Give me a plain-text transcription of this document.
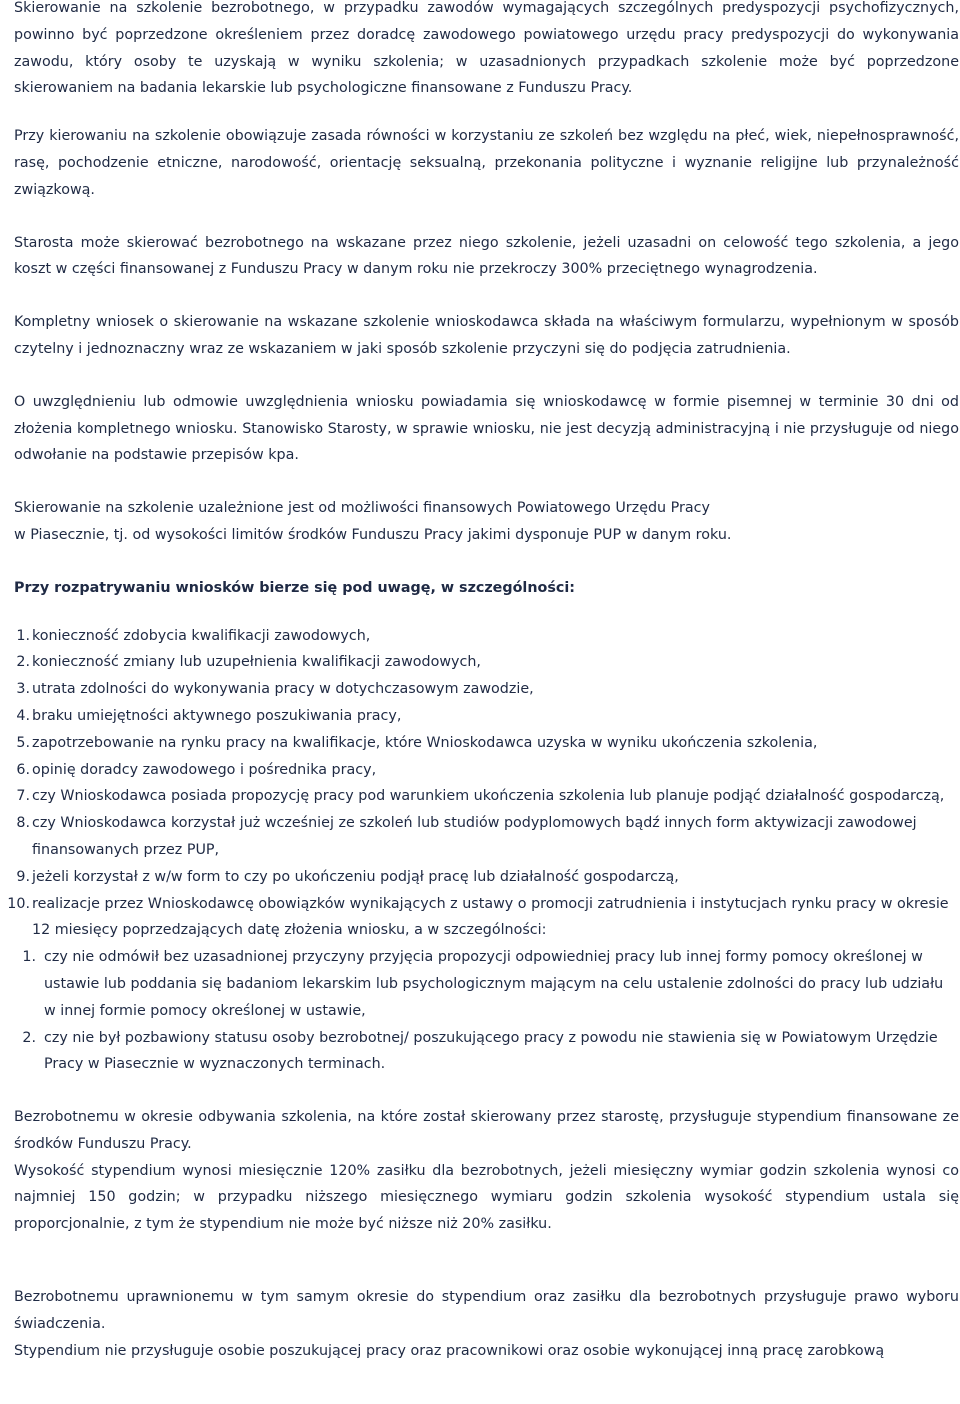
Skierowanie na szkolenie bezrobotnego, w przypadku zawodów wymagających szczególnych predyspozycji psychofizycznych, powinno być poprzedzone określeniem przez doradcę zawodowego powiatowego urzędu pracy predyspozycji do wykonywania zawodu, który osoby te uzyskają w wyniku szkolenia; w uzasadnionych przypadkach szkolenie może być poprzedzone skierowaniem na badania lekarskie lub psychologiczne finansowane z Funduszu Pracy.

Przy kierowaniu na szkolenie obowiązuje zasada równości w korzystaniu ze szkoleń bez względu na płeć, wiek, niepełnosprawność, rasę, pochodzenie etniczne, narodowość, orientację seksualną, przekonania polityczne i wyznanie religijne lub przynależność związkową.

Starosta może skierować bezrobotnego na wskazane przez niego szkolenie, jeżeli uzasadni on celowość tego szkolenia, a jego koszt w części finansowanej z Funduszu Pracy w danym roku nie przekroczy 300% przeciętnego wynagrodzenia.

Kompletny wniosek o skierowanie na wskazane szkolenie wnioskodawca składa na właściwym formularzu, wypełnionym w sposób czytelny i jednoznaczny wraz ze wskazaniem w jaki sposób szkolenie przyczyni się do podjęcia zatrudnienia.

O uwzględnieniu lub odmowie uwzględnienia wniosku powiadamia się wnioskodawcę w formie pisemnej w terminie 30 dni od złożenia kompletnego wniosku. Stanowisko Starosty, w sprawie wniosku, nie jest decyzją administracyjną i nie przysługuje od niego odwołanie na podstawie przepisów kpa.

Skierowanie na szkolenie uzależnione jest od możliwości finansowych Powiatowego Urzędu Pracy

w Piasecznie, tj. od wysokości limitów środków Funduszu Pracy jakimi dysponuje PUP w danym roku.

Przy rozpatrywaniu wniosków bierze się pod uwagę, w szczególności:

1. konieczność zdobycia kwalifikacji zawodowych,
2. konieczność zmiany lub uzupełnienia kwalifikacji zawodowych,
3. utrata zdolności do wykonywania pracy w dotychczasowym zawodzie,
4. braku umiejętności aktywnego poszukiwania pracy,
5. zapotrzebowanie na rynku pracy na kwalifikacje, które Wnioskodawca uzyska w wyniku ukończenia szkolenia,
6. opinię doradcy zawodowego i pośrednika pracy,
7. czy Wnioskodawca posiada propozycję pracy pod warunkiem ukończenia szkolenia lub planuje podjąć działalność gospodarczą,
8. czy Wnioskodawca korzystał już wcześniej ze szkoleń lub studiów podyplomowych bądź innych form aktywizacji zawodowej finansowanych przez PUP,
9. jeżeli korzystał z w/w form to czy po ukończeniu podjął pracę lub działalność gospodarczą,
10. realizacje przez Wnioskodawcę obowiązków wynikających z ustawy o promocji zatrudnienia i instytucjach rynku pracy w okresie 12 miesięcy poprzedzających datę złożenia wniosku, a w szczególności:
1. czy nie odmówił bez uzasadnionej przyczyny przyjęcia propozycji odpowiedniej pracy lub innej formy pomocy określonej w ustawie lub poddania się badaniom lekarskim lub psychologicznym mającym na celu ustalenie zdolności do pracy lub udziału w innej formie pomocy określonej w ustawie,
2. czy nie był pozbawiony statusu osoby bezrobotnej/ poszukującego pracy z powodu nie stawienia się w Powiatowym Urzędzie Pracy w Piasecznie w wyznaczonych terminach.

Bezrobotnemu w okresie odbywania szkolenia, na które został skierowany przez starostę, przysługuje stypendium finansowane ze środków Funduszu Pracy.

Wysokość stypendium wynosi miesięcznie 120% zasiłku dla bezrobotnych, jeżeli miesięczny wymiar godzin szkolenia wynosi co najmniej 150 godzin; w przypadku niższego miesięcznego wymiaru godzin szkolenia wysokość stypendium ustala się proporcjonalnie, z tym że stypendium nie może być niższe niż 20% zasiłku.

Bezrobotnemu uprawnionemu w tym samym okresie do stypendium oraz zasiłku dla bezrobotnych przysługuje prawo wyboru świadczenia.

Stypendium nie przysługuje osobie poszukującej pracy oraz pracownikowi oraz osobie wykonującej inną pracę zarobkową
